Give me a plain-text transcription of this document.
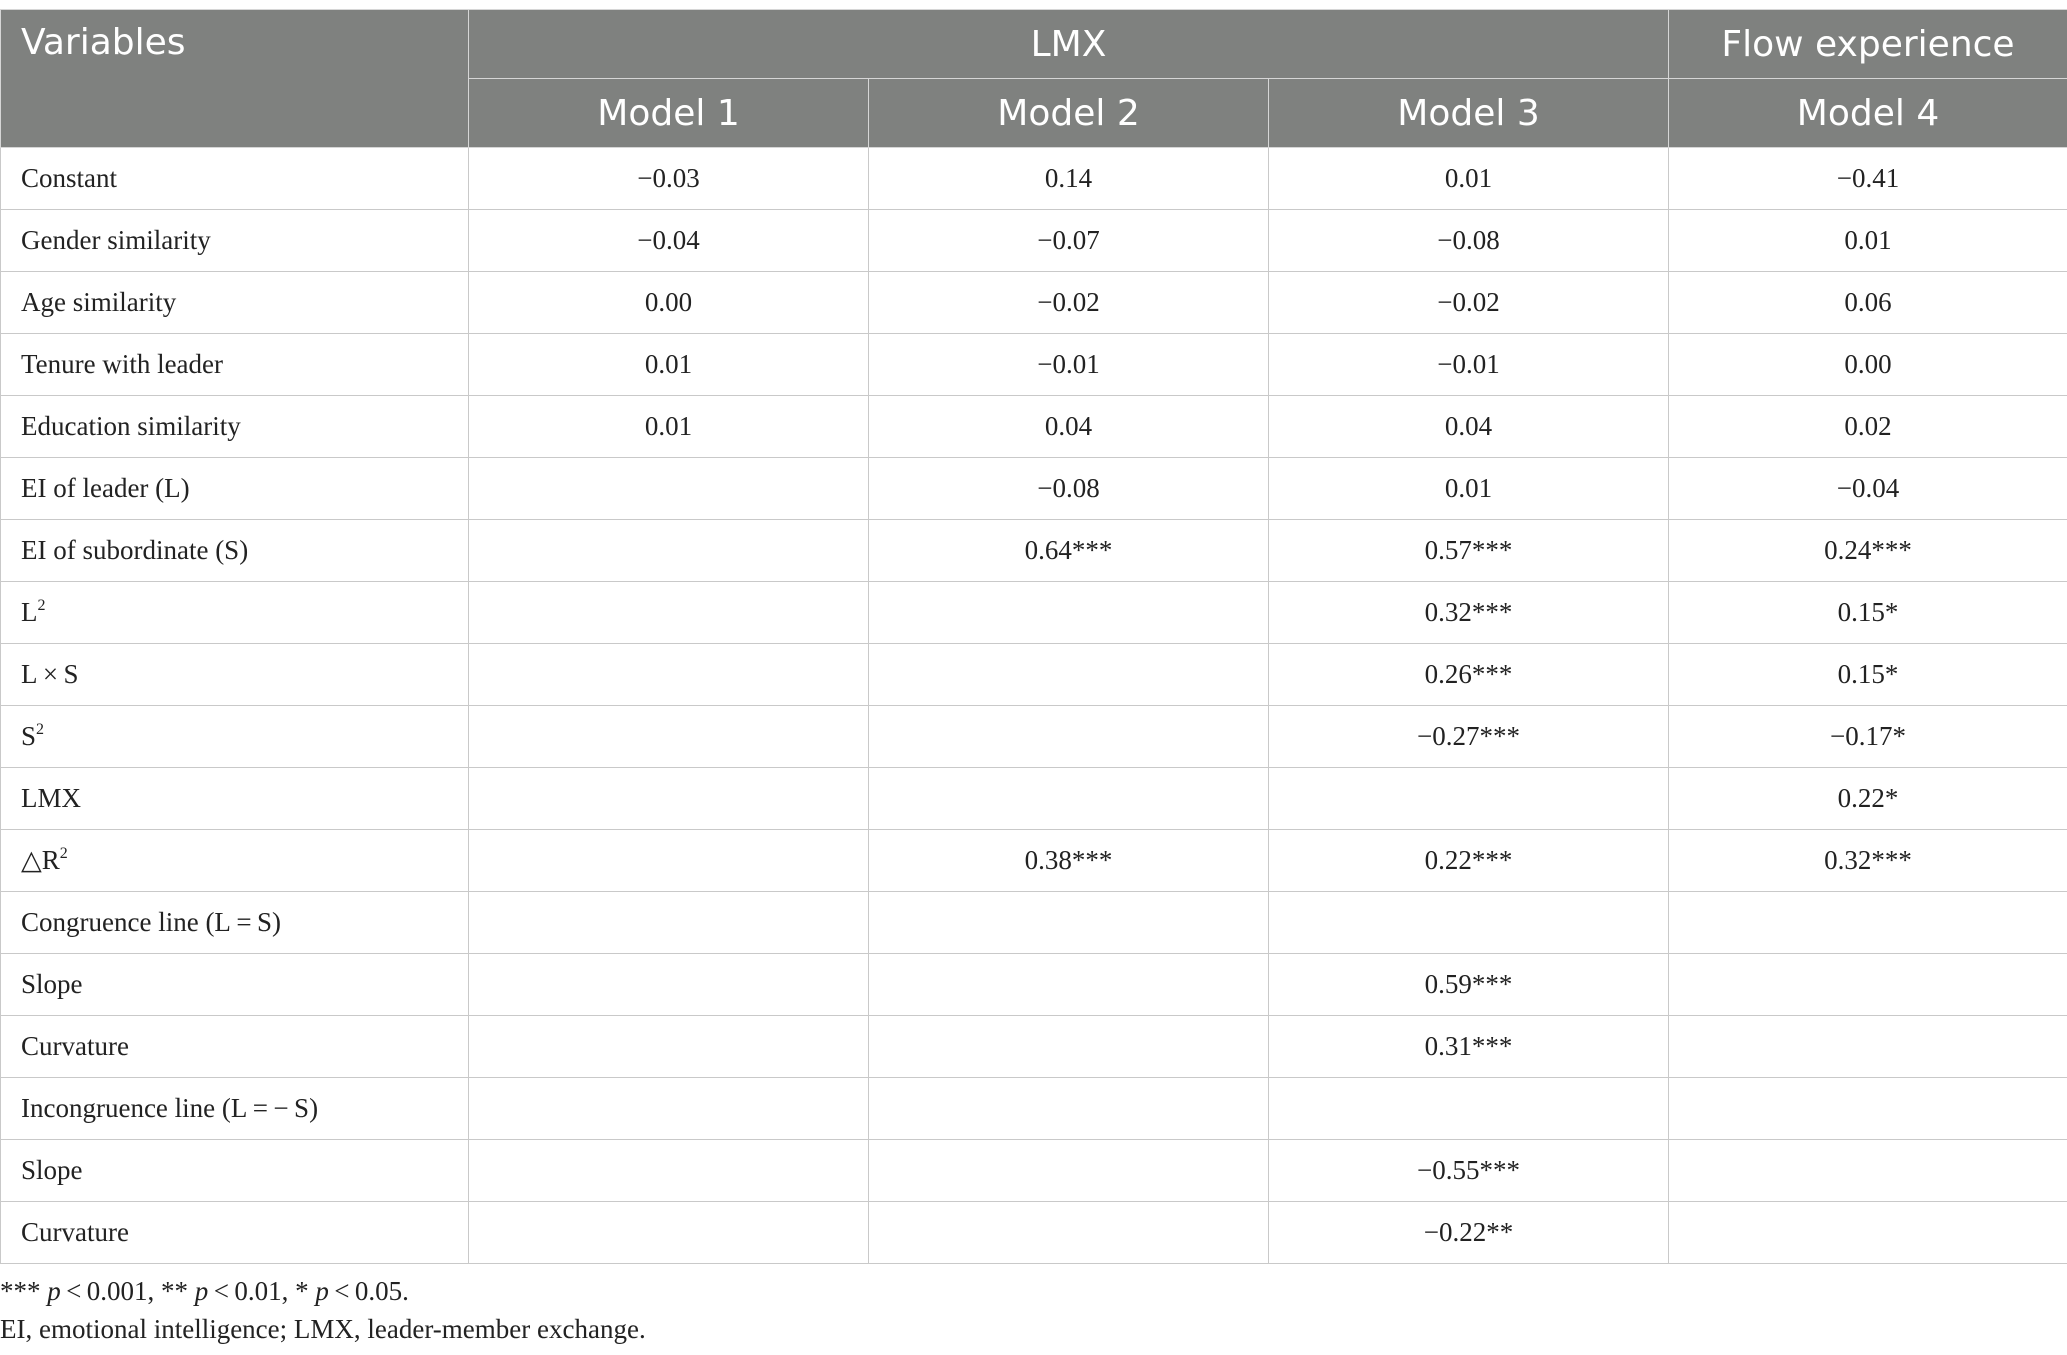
Variables	LMX			Flow experience
	Model 1	Model 2	Model 3	Model 4
Constant	−0.03	0.14	0.01	−0.41
Gender similarity	−0.04	−0.07	−0.08	0.01
Age similarity	0.00	−0.02	−0.02	0.06
Tenure with leader	0.01	−0.01	−0.01	0.00
Education similarity	0.01	0.04	0.04	0.02
EI of leader (L)		−0.08	0.01	−0.04
EI of subordinate (S)		0.64***	0.57***	0.24***
$L^2$			0.32***	0.15*
L × S			0.26***	0.15*
$S^2$			−0.27***	−0.17*
LMX				0.22*
$\triangle R^2$		0.38***	0.22***	0.32***
Congruence line (L = S)				
Slope			0.59***	
Curvature			0.31***	
Incongruence line (L = − S)				
Slope			−0.55***	
Curvature			−0.22**	
*** p < 0.001, ** p < 0.01, * p < 0.05.
EI, emotional intelligence; LMX, leader-member exchange.
